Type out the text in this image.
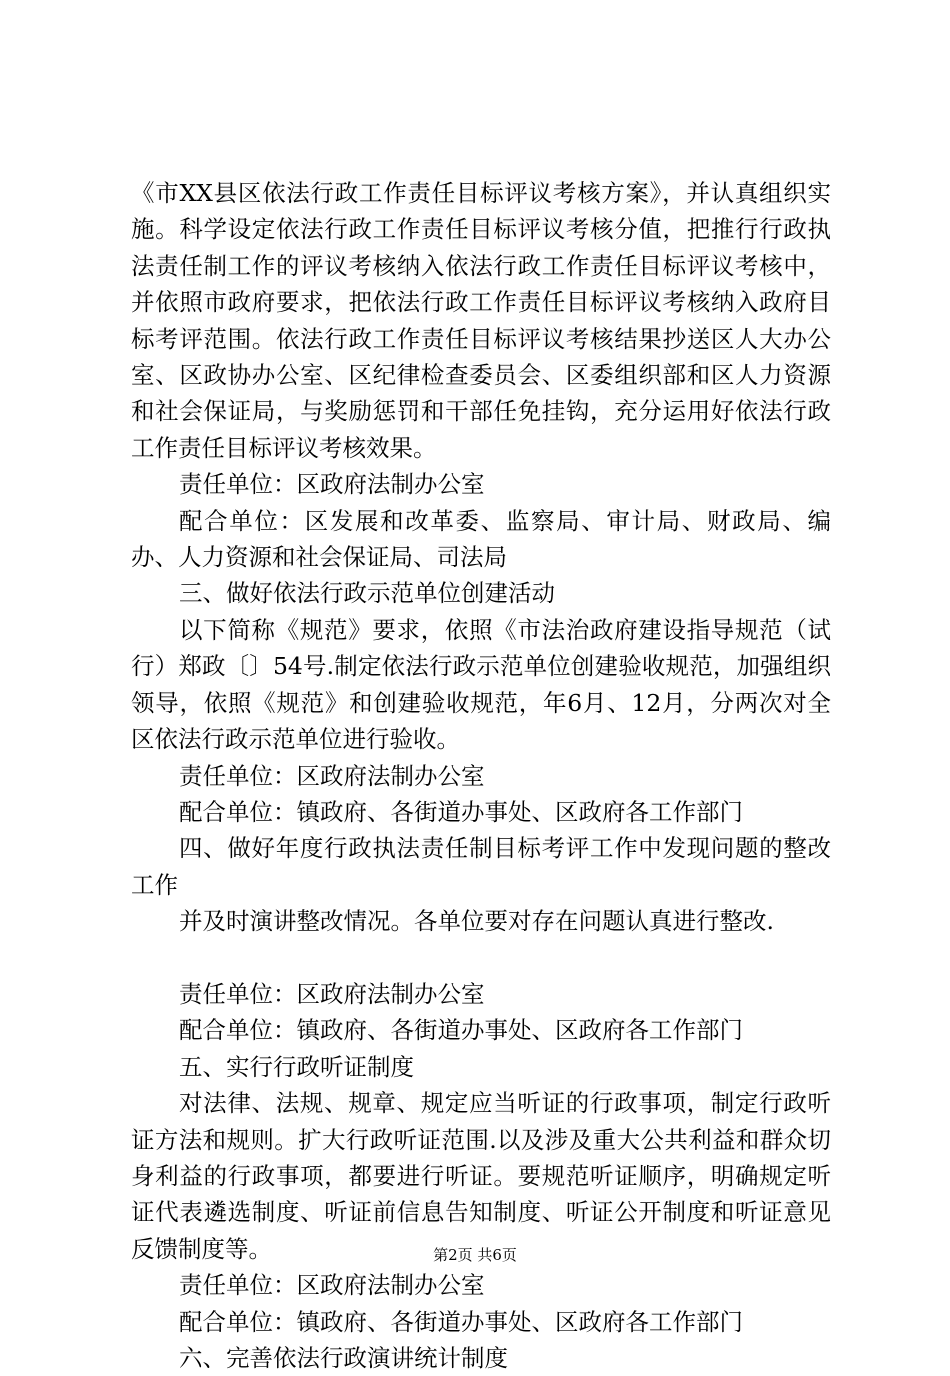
《市XX县区依法行政工作责任目标评议考核方案》，并认真组织实施。科学设定依法行政工作责任目标评议考核分值，把推行行政执法责任制工作的评议考核纳入依法行政工作责任目标评议考核中，并依照市政府要求，把依法行政工作责任目标评议考核纳入政府目标考评范围。依法行政工作责任目标评议考核结果抄送区人大办公室、区政协办公室、区纪律检查委员会、区委组织部和区人力资源和社会保证局，与奖励惩罚和干部任免挂钩，充分运用好依法行政工作责任目标评议考核效果。

责任单位：区政府法制办公室

配合单位：区发展和改革委、监察局、审计局、财政局、编办、人力资源和社会保证局、司法局

三、做好依法行政示范单位创建活动

以下简称《规范》要求，依照《市法治政府建设指导规范（试行）郑政〔〕54号.制定依法行政示范单位创建验收规范，加强组织领导，依照《规范》和创建验收规范，年6月、12月，分两次对全区依法行政示范单位进行验收。

责任单位：区政府法制办公室

配合单位：镇政府、各街道办事处、区政府各工作部门

四、做好年度行政执法责任制目标考评工作中发现问题的整改工作

并及时演讲整改情况。各单位要对存在问题认真进行整改.

责任单位：区政府法制办公室

配合单位：镇政府、各街道办事处、区政府各工作部门

五、实行行政听证制度

对法律、法规、规章、规定应当听证的行政事项，制定行政听证方法和规则。扩大行政听证范围.以及涉及重大公共利益和群众切身利益的行政事项，都要进行听证。要规范听证顺序，明确规定听证代表遴选制度、听证前信息告知制度、听证公开制度和听证意见反馈制度等。

责任单位：区政府法制办公室

配合单位：镇政府、各街道办事处、区政府各工作部门

六、完善依法行政演讲统计制度

第2页 共6页
